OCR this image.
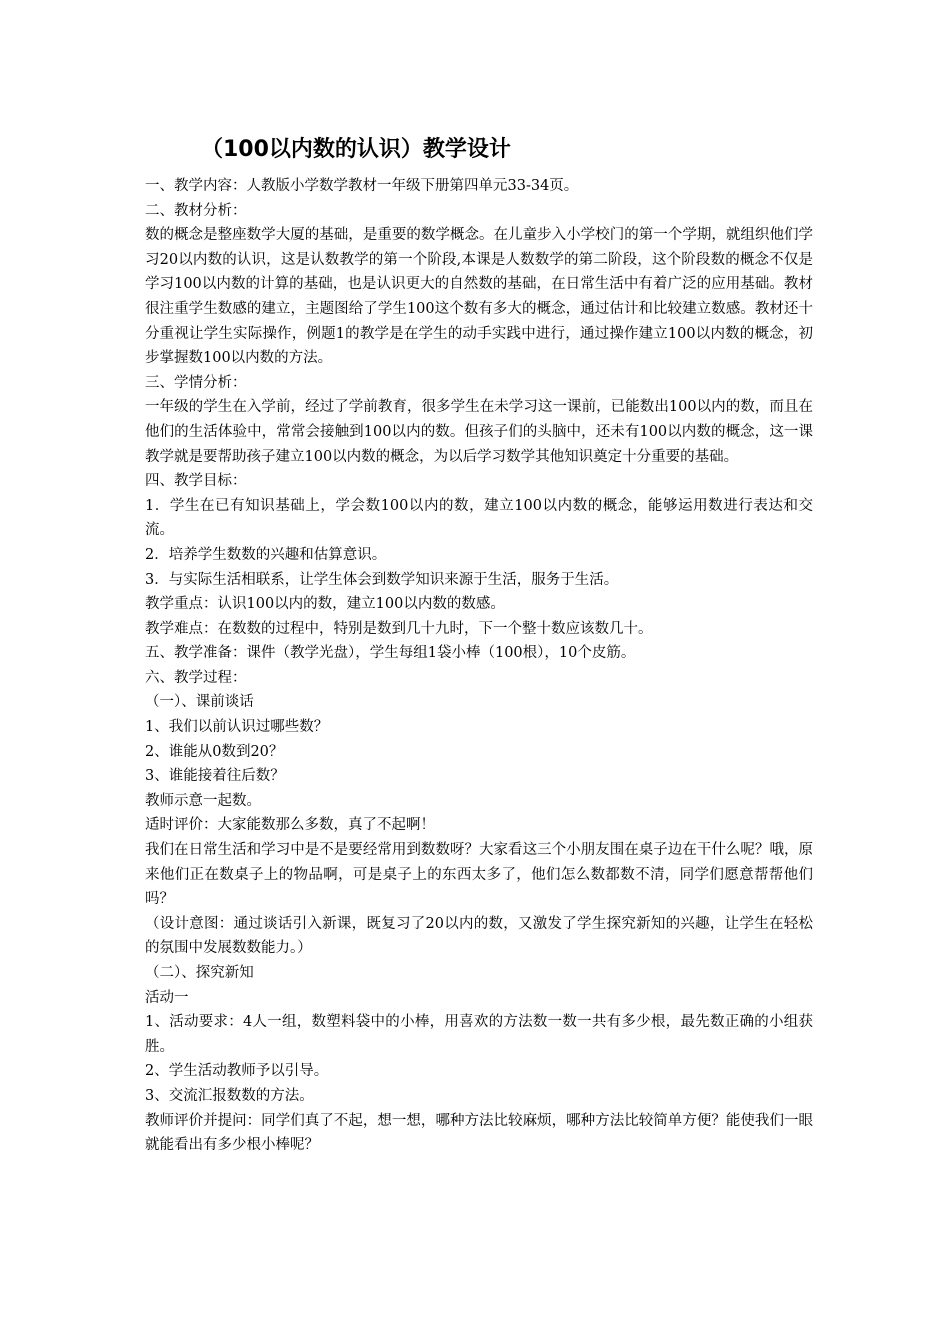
（100以内数的认识）教学设计

一、教学内容：人教版小学数学教材一年级下册第四单元33-34页。

二、教材分析：

数的概念是整座数学大厦的基础，是重要的数学概念。在儿童步入小学校门的第一个学期，就组织他们学习20以内数的认识，这是认数教学的第一个阶段,本课是人数数学的第二阶段，这个阶段数的概念不仅是学习100以内数的计算的基础，也是认识更大的自然数的基础，在日常生活中有着广泛的应用基础。教材很注重学生数感的建立，主题图给了学生100这个数有多大的概念，通过估计和比较建立数感。教材还十分重视让学生实际操作，例题1的教学是在学生的动手实践中进行，通过操作建立100以内数的概念，初步掌握数100以内数的方法。

三、学情分析：

一年级的学生在入学前，经过了学前教育，很多学生在未学习这一课前，已能数出100以内的数，而且在他们的生活体验中，常常会接触到100以内的数。但孩子们的头脑中，还未有100以内数的概念，这一课教学就是要帮助孩子建立100以内数的概念，为以后学习数学其他知识奠定十分重要的基础。

四、教学目标：

1．学生在已有知识基础上，学会数100以内的数，建立100以内数的概念，能够运用数进行表达和交流。

2．培养学生数数的兴趣和估算意识。

3．与实际生活相联系，让学生体会到数学知识来源于生活，服务于生活。

教学重点：认识100以内的数，建立100以内数的数感。

教学难点：在数数的过程中，特别是数到几十九时，下一个整十数应该数几十。

五、教学准备：课件（教学光盘），学生每组1袋小棒（100根），10个皮筋。

六、教学过程：

（一）、课前谈话

1、我们以前认识过哪些数？

2、谁能从0数到20？

3、谁能接着往后数？

教师示意一起数。

适时评价：大家能数那么多数，真了不起啊！

我们在日常生活和学习中是不是要经常用到数数呀？大家看这三个小朋友围在桌子边在干什么呢？哦，原来他们正在数桌子上的物品啊，可是桌子上的东西太多了，他们怎么数都数不清，同学们愿意帮帮他们吗？

（设计意图：通过谈话引入新课，既复习了20以内的数，又激发了学生探究新知的兴趣，让学生在轻松的氛围中发展数数能力。）

（二）、探究新知

活动一

1、活动要求：4人一组，数塑料袋中的小棒，用喜欢的方法数一数一共有多少根，最先数正确的小组获胜。

2、学生活动教师予以引导。

3、交流汇报数数的方法。

教师评价并提问：同学们真了不起，想一想，哪种方法比较麻烦，哪种方法比较简单方便？能使我们一眼就能看出有多少根小棒呢？
